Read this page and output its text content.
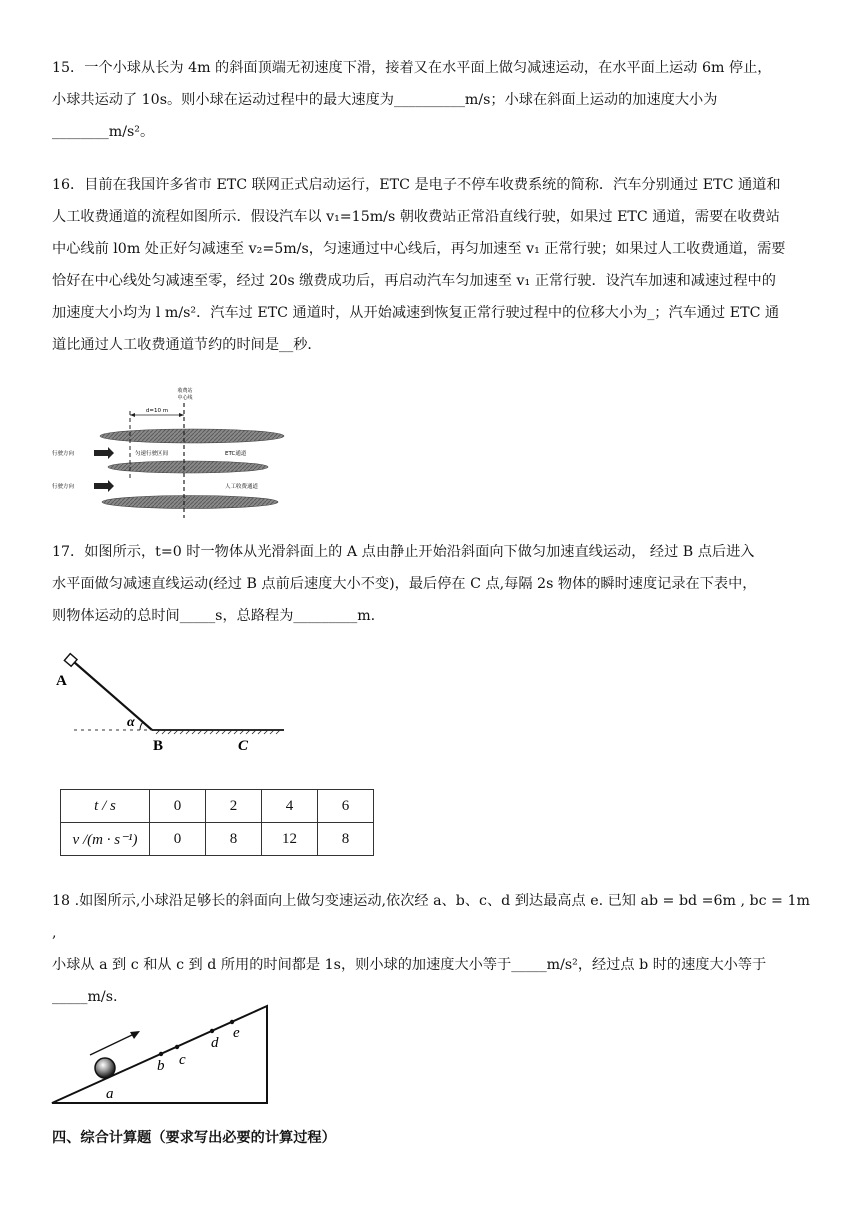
15．一个小球从长为 4m 的斜面顶端无初速度下滑，接着又在水平面上做匀减速运动，在水平面上运动 6m 停止，

小球共运动了 10s。则小球在运动过程中的最大速度为__________m/s；小球在斜面上运动的加速度大小为

________m/s²。

16．目前在我国许多省市 ETC 联网正式启动运行，ETC 是电子不停车收费系统的简称．汽车分别通过 ETC 通道和

人工收费通道的流程如图所示．假设汽车以 v₁=15m/s 朝收费站正常沿直线行驶，如果过 ETC 通道，需要在收费站

中心线前 l0m 处正好匀减速至 v₂=5m/s，匀速通过中心线后，再匀加速至 v₁ 正常行驶；如果过人工收费通道，需要

恰好在中心线处匀减速至零，经过 20s 缴费成功后，再启动汽车匀加速至 v₁ 正常行驶．设汽车加速和减速过程中的

加速度大小均为 l m/s²．汽车过 ETC 通道时，从开始减速到恢复正常行驶过程中的位移大小为_；汽车通过 ETC 通

道比通过人工收费通道节约的时间是__秒．

d=10 m
收费站
中心线
行驶方向
行驶方向
匀速行驶区间	ETC通道
人工收费通道

17．如图所示，t=0 时一物体从光滑斜面上的 A 点由静止开始沿斜面向下做匀加速直线运动， 经过 B 点后进入

水平面做匀减速直线运动(经过 B 点前后速度大小不变)，最后停在 C 点,每隔 2s 物体的瞬时速度记录在下表中，

则物体运动的总时间_____s，总路程为_________m.

A
α
B	C
t / s	0	2	4	6
v /(m · s⁻¹)	0	8	12	8

18 .如图所示,小球沿足够长的斜面向上做匀变速运动,依次经 a、b、c、d 到达最高点 e. 已知 ab = bd =6m , bc = 1m ,

小球从 a 到 c 和从 c 到 d 所用的时间都是 1s，则小球的加速度大小等于_____m/s²，经过点 b 时的速度大小等于

_____m/s.

a
b c
d
e
四、综合计算题（要求写出必要的计算过程）
